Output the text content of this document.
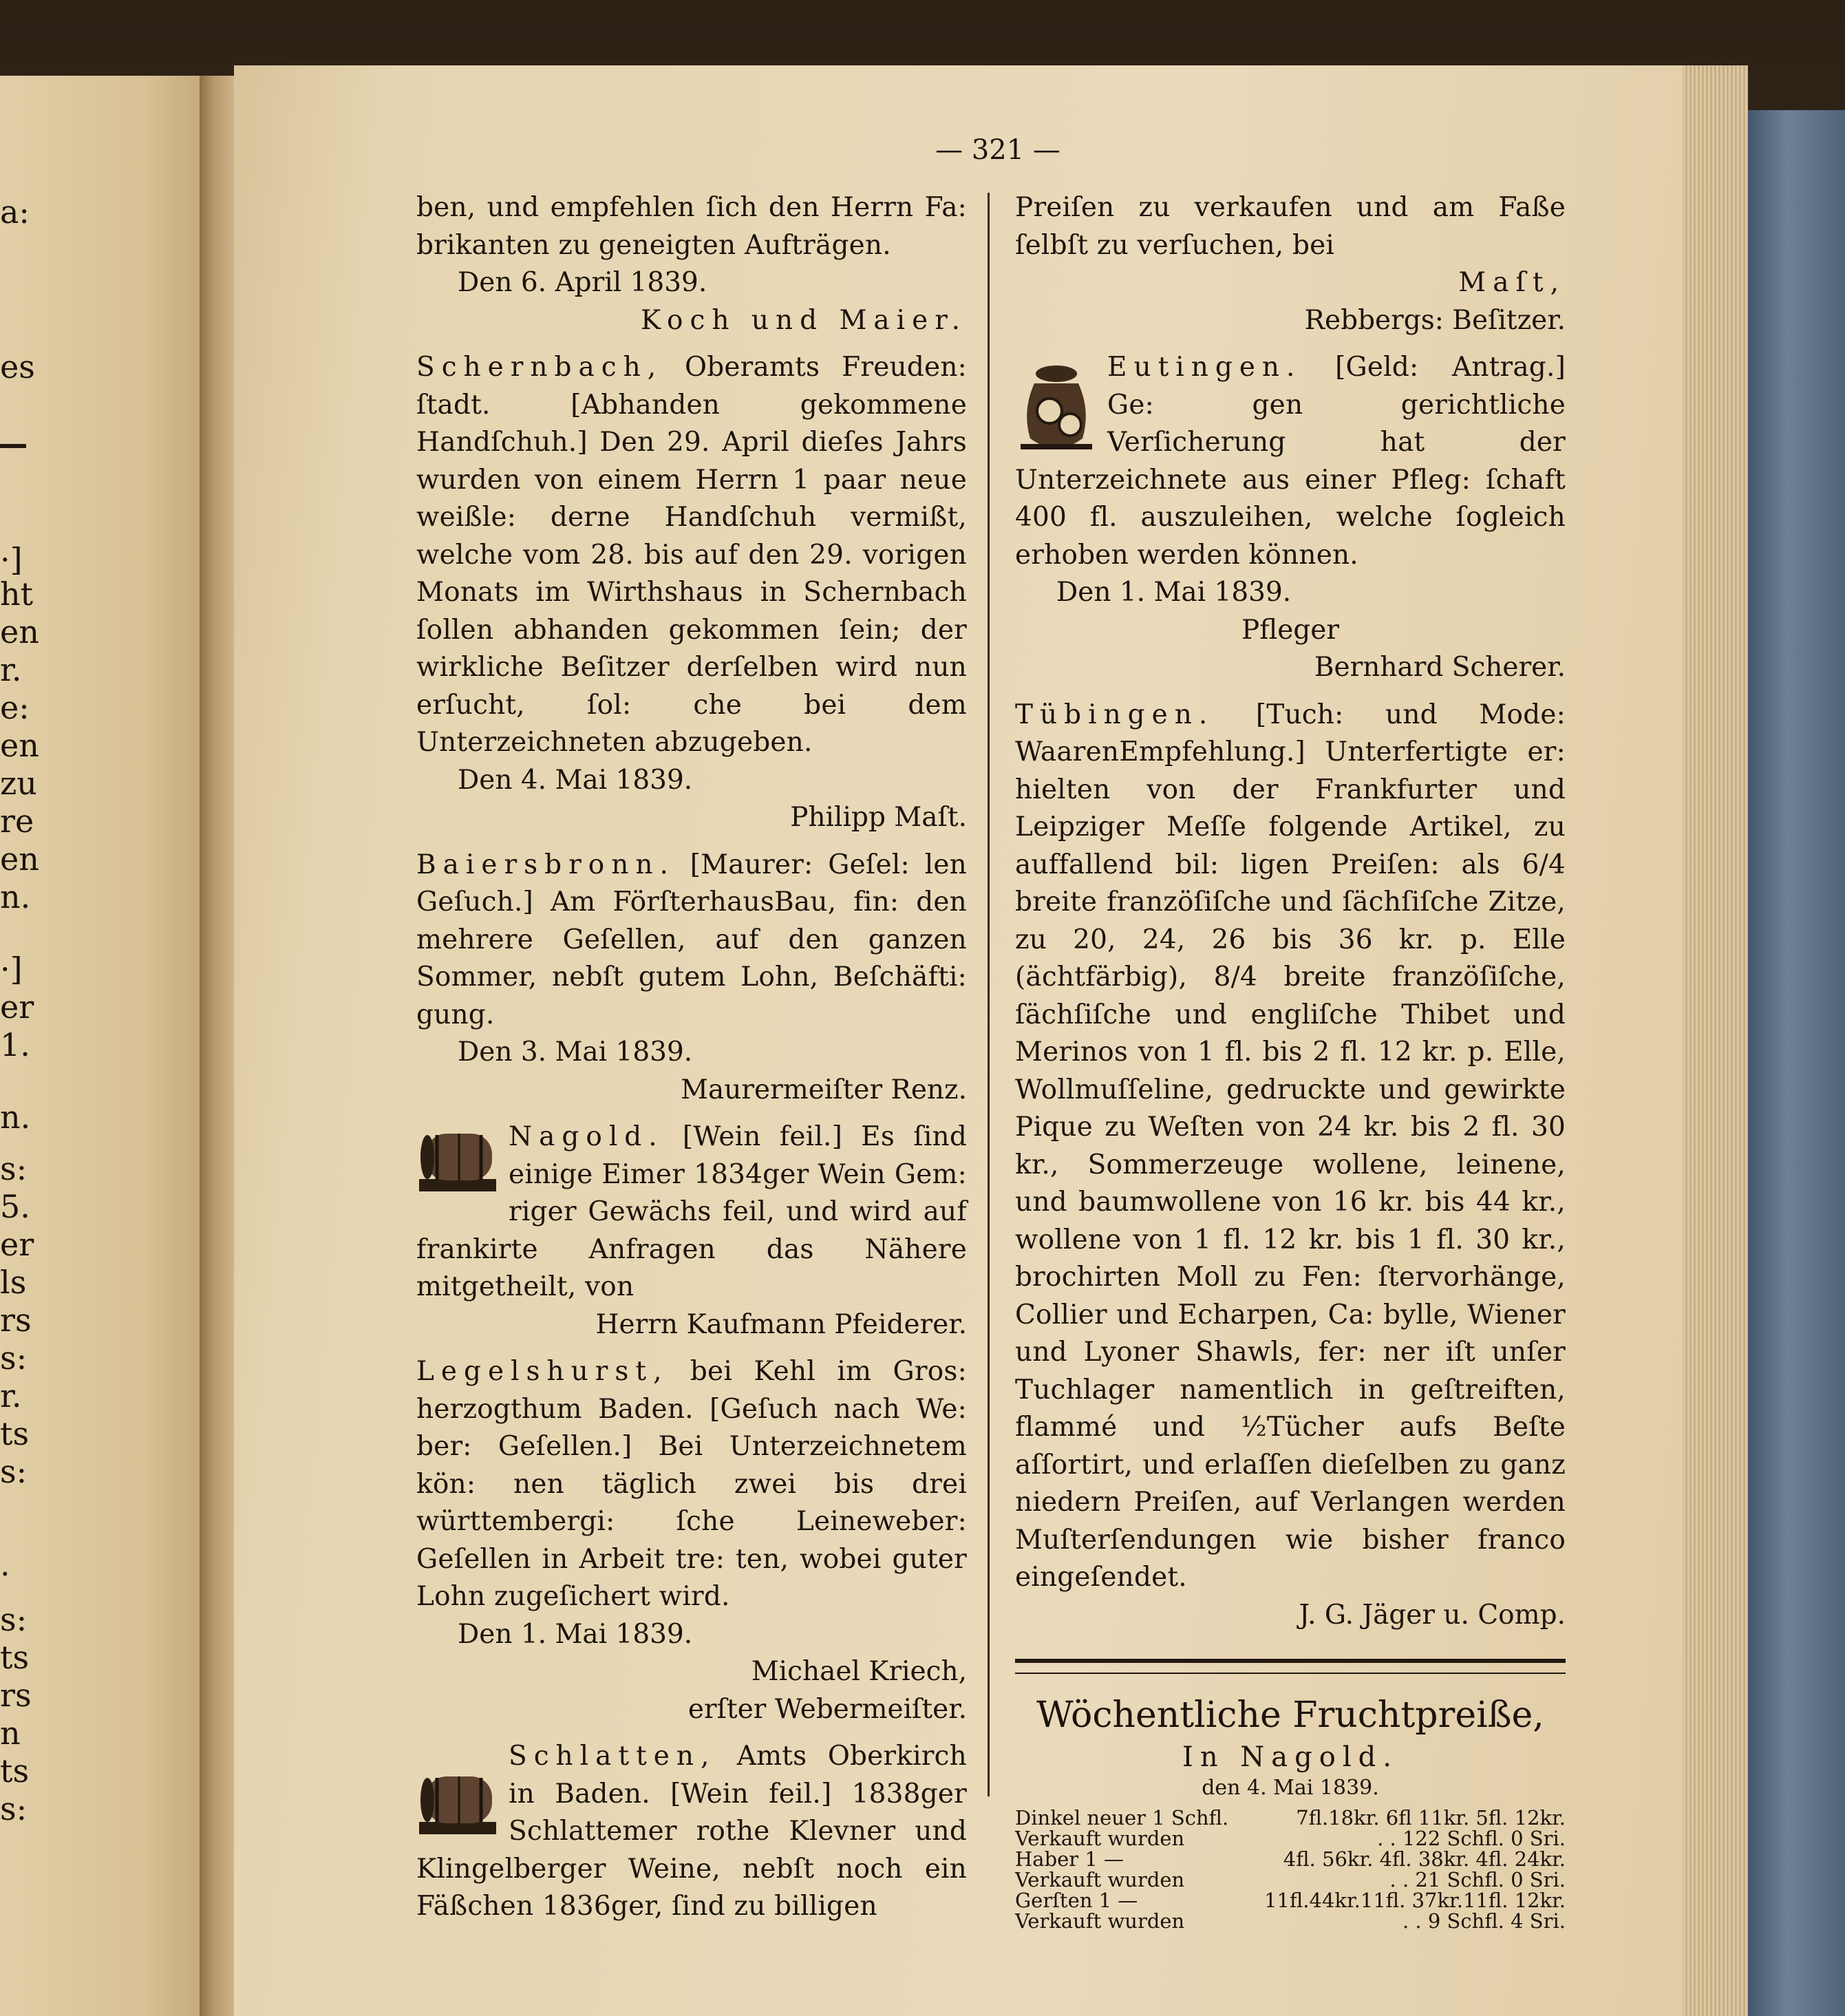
a:
es
·]
ht
en
r.
e:
en
zu
re
en
n.
·]
er
1.
n.
s:
5.
er
ls
rs
s:
r.
ts
s:
.
s:
ts
rs
n
ts
s:
— 321 —

ben, und empfehlen ſich den Herrn Fa: brikanten zu geneigten Aufträgen.

Den 6. April 1839.

Koch und Maier.

Schernbach, Oberamts Freuden: ſtadt. [Abhanden gekommene Handſchuh.] Den 29. April dieſes Jahrs wurden von einem Herrn 1 paar neue weißle: derne Handſchuh vermißt, welche vom 28. bis auf den 29. vorigen Monats im Wirthshaus in Schernbach ſollen abhanden gekommen ſein; der wirkliche Beſitzer derſelben wird nun erſucht, ſol: che bei dem Unterzeichneten abzugeben.

Den 4. Mai 1839.

Philipp Maſt.

Baiersbronn. [Maurer: Geſel: len Geſuch.] Am FörſterhausBau, fin: den mehrere Geſellen, auf den ganzen Sommer, nebſt gutem Lohn, Beſchäfti: gung.

Den 3. Mai 1839.

Maurermeiſter Renz.

Nagold. [Wein feil.] Es ſind einige Eimer 1834ger Wein Gem: riger Gewächs feil, und wird auf frankirte Anfragen das Nähere mitgetheilt, von

Herrn Kaufmann Pfeiderer.

Legelshurst, bei Kehl im Gros: herzogthum Baden. [Geſuch nach We: ber: Geſellen.] Bei Unterzeichnetem kön: nen täglich zwei bis drei württembergi: ſche Leineweber: Geſellen in Arbeit tre: ten, wobei guter Lohn zugeſichert wird.

Den 1. Mai 1839.

Michael Kriech,

erſter Webermeiſter.

Schlatten, Amts Oberkirch in Baden. [Wein feil.] 1838ger Schlattemer rothe Klevner und Klingelberger Weine, nebſt noch ein Fäßchen 1836ger, ſind zu billigen

Preiſen zu verkaufen und am Faße ſelbſt zu verſuchen, bei

Maſt,

Rebbergs: Beſitzer.

Eutingen. [Geld: Antrag.] Ge: gen gerichtliche Verſicherung hat der Unterzeichnete aus einer Pfleg: ſchaft 400 fl. auszuleihen, welche ſogleich erhoben werden können.

Den 1. Mai 1839.

Pfleger

Bernhard Scherer.

Tübingen. [Tuch: und Mode: WaarenEmpfehlung.] Unterfertigte er: hielten von der Frankfurter und Leipziger Meſſe folgende Artikel, zu auffallend bil: ligen Preiſen: als 6/4 breite franzöſiſche und ſächſiſche Zitze, zu 20, 24, 26 bis 36 kr. p. Elle (ächtfärbig), 8/4 breite franzöſiſche, ſächſiſche und engliſche Thibet und Merinos von 1 fl. bis 2 fl. 12 kr. p. Elle, Wollmuſſeline, gedruckte und gewirkte Pique zu Weſten von 24 kr. bis 2 fl. 30 kr., Sommerzeuge wollene, leinene, und baumwollene von 16 kr. bis 44 kr., wollene von 1 fl. 12 kr. bis 1 fl. 30 kr., brochirten Moll zu Fen: ſtervorhänge, Collier und Echarpen, Ca: bylle, Wiener und Lyoner Shawls, fer: ner iſt unſer Tuchlager namentlich in geſtreiften, flammé und ½Tücher aufs Beſte aſſortirt, und erlaſſen dieſelben zu ganz niedern Preiſen, auf Verlangen werden Muſterſendungen wie bisher franco eingeſendet.

J. G. Jäger u. Comp.

Wöchentliche Fruchtpreiße,

In Nagold.

den 4. Mai 1839.

Dinkel neuer 1 Schfl.	7fl.18kr. 6fl 11kr. 5fl. 12kr.
Verkauft wurden	. . 122 Schfl. 0 Sri.
Haber 1 —	4fl. 56kr. 4fl. 38kr. 4fl. 24kr.
Verkauft wurden	. . 21 Schfl. 0 Sri.
Gerſten 1 —	11fl.44kr.11fl. 37kr.11fl. 12kr.
Verkauft wurden	. . 9 Schfl. 4 Sri.
